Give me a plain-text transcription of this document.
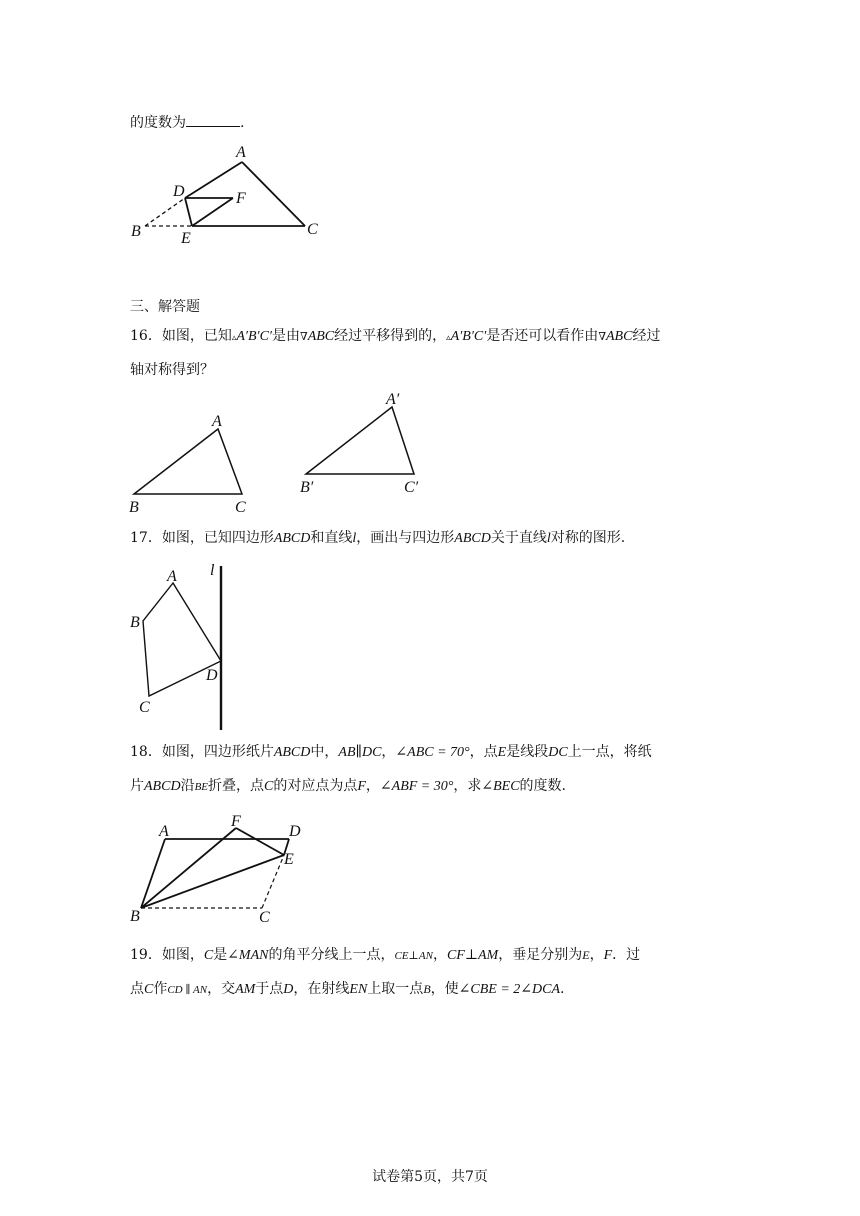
的度数为	.
A
B	C
D
E
F
三、解答题
16．如图，已知▵A′B′C′是由∇ABC经过平移得到的，▵A′B′C′是否还可以看作由∇ABC经过
轴对称得到？
A
B	C
A′
B′	C′
17．如图，已知四边形ABCD和直线l，画出与四边形ABCD关于直线l对称的图形.
l
A
B
C
D
18．如图，四边形纸片ABCD中，AB∥DC，∠ABC = 70°，点E是线段DC上一点，将纸
片ABCD沿BE折叠，点C的对应点为点F，∠ABF = 30°，求∠BEC的度数.
A
B	C
D
E
F
19．如图，C是∠MAN的角平分线上一点，CE⊥AN，CF⊥AM，垂足分别为E，F．过
点C作CD ∥ AN，交AM于点D，在射线EN上取一点B，使∠CBE = 2∠DCA.
试卷第5页，共7页
